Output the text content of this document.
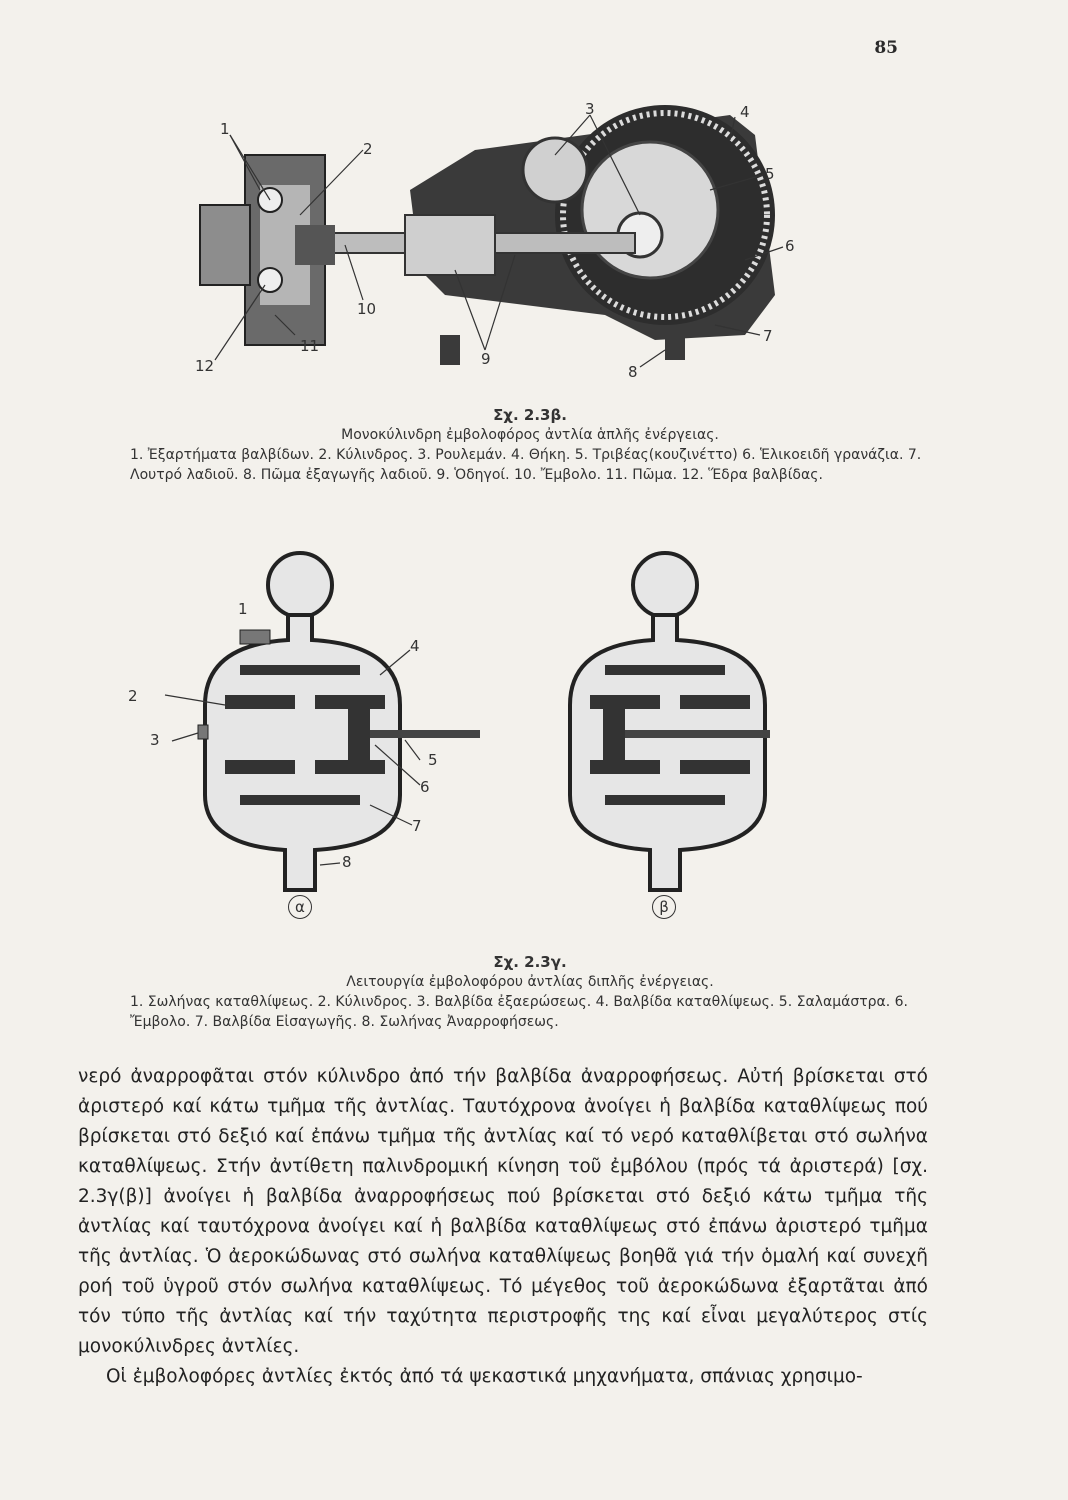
85
1
2
3	4
5
6
7
8
9
10
11
12
Σχ. 2.3β.
Μονοκύλινδρη ἐμβολοφόρος ἀντλία ἁπλῆς ἐνέργειας.
1. Ἐξαρτήματα βαλβίδων. 2. Κύλινδρος. 3. Ρουλεμάν. 4. Θήκη. 5. Τριβέας(κουζινέττο) 6. Ἑλικοειδῆ γρανάζια. 7. Λουτρό λαδιοῦ. 8. Πῶμα ἐξαγωγῆς λαδιοῦ. 9. Ὁδηγοί. 10. Ἔμβολο. 11. Πῶμα. 12. Ἕδρα βαλβίδας.
1
2
3
4
5
6
7
8
α	β
Σχ. 2.3γ.
Λειτουργία ἐμβολοφόρου ἀντλίας διπλῆς ἐνέργειας.
1. Σωλήνας καταθλίψεως. 2. Κύλινδρος. 3. Βαλβίδα ἐξαερώσεως. 4. Βαλβίδα καταθλίψεως. 5. Σαλαμάστρα. 6. Ἔμβολο. 7. Βαλβίδα Εἰσαγωγῆς. 8. Σωλήνας Ἀναρροφήσεως.

νερό ἀναρροφᾶται στόν κύλινδρο ἀπό τήν βαλβίδα ἀναρροφήσεως. Αὐτή βρίσκεται στό ἀριστερό καί κάτω τμῆμα τῆς ἀντλίας. Ταυτόχρονα ἀνοίγει ἡ βαλβίδα καταθλίψεως πού βρίσκεται στό δεξιό καί ἐπάνω τμῆμα τῆς ἀντλίας καί τό νερό καταθλίβεται στό σωλήνα καταθλίψεως. Στήν ἀντίθετη παλινδρομική κίνηση τοῦ ἐμβόλου (πρός τά ἀριστερά) [σχ. 2.3γ(β)] ἀνοίγει ἡ βαλβίδα ἀναρροφήσεως πού βρίσκεται στό δεξιό κάτω τμῆμα τῆς ἀντλίας καί ταυτόχρονα ἀνοίγει καί ἡ βαλβίδα καταθλίψεως στό ἐπάνω ἀριστερό τμῆμα τῆς ἀντλίας. Ὁ ἀεροκώδωνας στό σωλήνα καταθλίψεως βοηθᾶ γιά τήν ὁμαλή καί συνεχῆ ροή τοῦ ὑγροῦ στόν σωλήνα καταθλίψεως. Τό μέγεθος τοῦ ἀεροκώδωνα ἐξαρτᾶται ἀπό τόν τύπο τῆς ἀντλίας καί τήν ταχύτητα περιστροφῆς της καί εἶναι μεγαλύτερος στίς μονοκύλινδρες ἀντλίες.

Οἱ ἐμβολοφόρες ἀντλίες ἐκτός ἀπό τά ψεκαστικά μηχανήματα, σπάνιας χρησιμο-
